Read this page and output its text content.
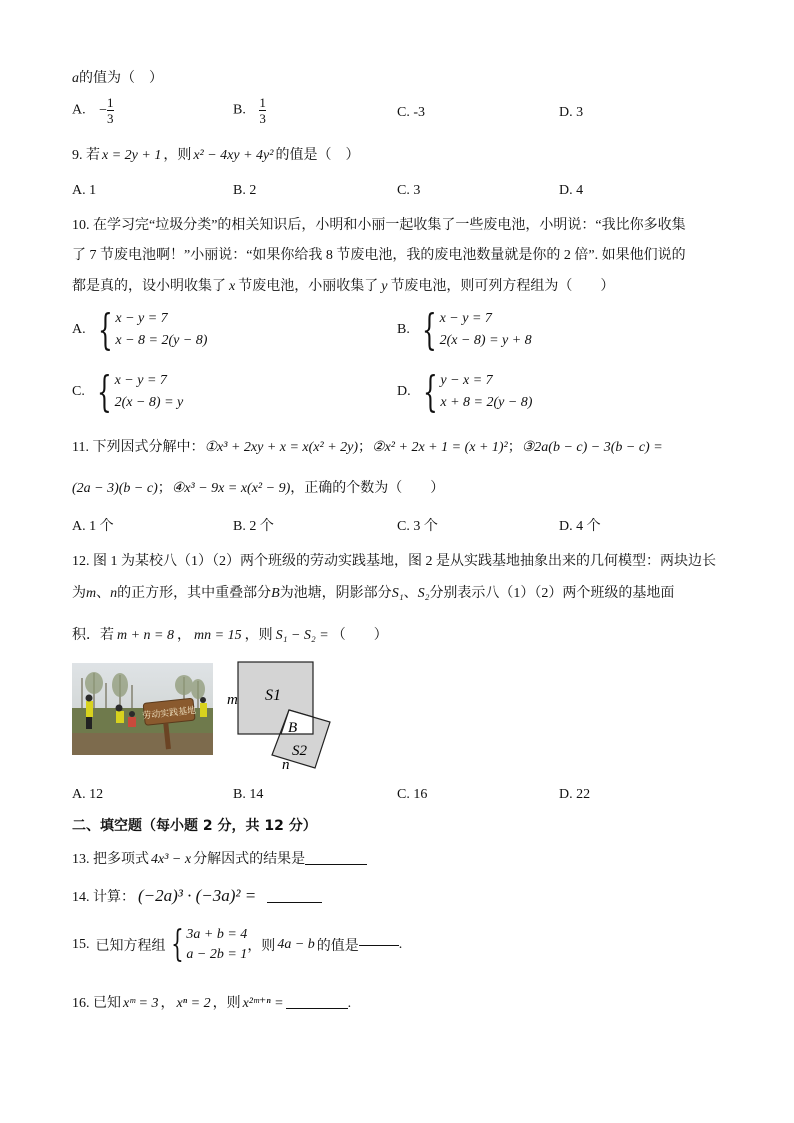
a的值为（　）
A. − $\frac{1}{3}$	B. $\frac{1}{3}$	C. -3	D. 3
9. 若 x = 2y + 1 ，则 x² − 4xy + 4y² 的值是（　）
A. 1	B. 2	C. 3	D. 4
10. 在学习完“垃圾分类”的相关知识后，小明和小丽一起收集了一些废电池，小明说：“我比你多收集
了 7 节废电池啊！”小丽说：“如果你给我 8 节废电池，我的废电池数量就是你的 2 倍”. 如果他们说的
都是真的，设小明收集了 x 节废电池，小丽收集了 y 节废电池，则可列方程组为（　　）
A. { x − y = 7
x − 8 = 2(y − 8)
B. { x − y = 7
2(x − 8) = y + 8
C. { x − y = 7
2(x − 8) = y
D. { y − x = 7
x + 8 = 2(y − 8)
11. 下列因式分解中：①x³ + 2xy + x = x(x² + 2y)；②x² + 2x + 1 = (x + 1)²；③2a(b − c) − 3(b − c) =
(2a − 3)(b − c)；④x³ − 9x = x(x² − 9)，正确的个数为（　　）
A. 1 个	B. 2 个	C. 3 个	D. 4 个
12. 图 1 为某校八（1）（2）两个班级的劳动实践基地，图 2 是从实践基地抽象出来的几何模型：两块边长
为m、n的正方形，其中重叠部分B为池塘，阴影部分S₁、S₂分别表示八（1）（2）两个班级的基地面
积．若 m + n = 8 ， mn = 15 ，则 S₁ − S₂ = （　　）
劳动实践基地
m S1
B
S2
n
A. 12	B. 14	C. 16	D. 22
二、填空题（每小题 2 分，共 12 分）
13. 把多项式 4x³ − x 分解因式的结果是
14. 计算： (−2a)³ · (−3a)² =
15. 已知方程组 { 3a + b = 4
a − 2b = 1
，则 4a − b 的值是	.
16. 已知 xᵐ = 3 ， xⁿ = 2 ，则 x²ᵐ⁺ⁿ =	.
